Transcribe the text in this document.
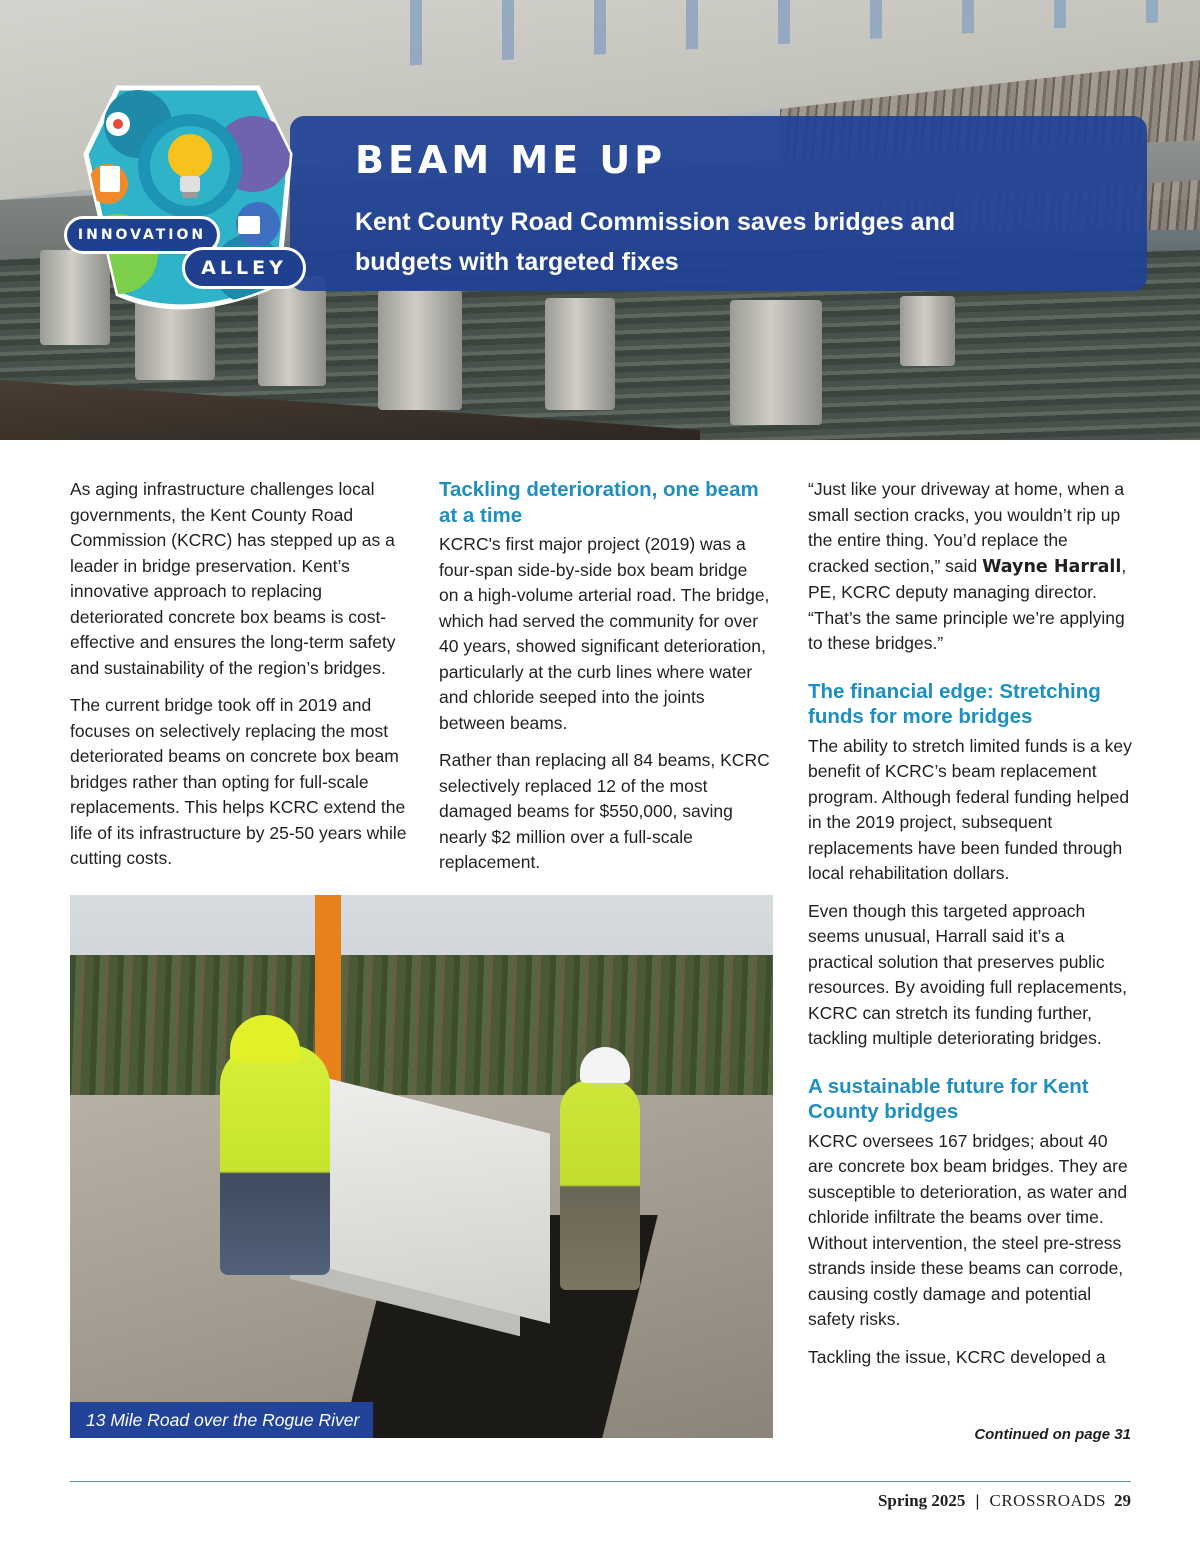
BEAM ME UP

Kent County Road Commission saves bridges and budgets with targeted fixes

INNOVATION
ALLEY

As aging infrastructure challenges local governments, the Kent County Road Commission (KCRC) has stepped up as a leader in bridge preservation. Kent’s innovative approach to replacing deteriorated concrete box beams is cost-effective and ensures the long-term safety and sustainability of the region’s bridges.

The current bridge took off in 2019 and focuses on selectively replacing the most deteriorated beams on concrete box beam bridges rather than opting for full-scale replacements. This helps KCRC extend the life of its infrastructure by 25-50 years while cutting costs.

Tackling deterioration, one beam at a time

KCRC's first major project (2019) was a four-span side-by-side box beam bridge on a high-volume arterial road. The bridge, which had served the community for over 40 years, showed significant deterioration, particularly at the curb lines where water and chloride seeped into the joints between beams.

Rather than replacing all 84 beams, KCRC selectively replaced 12 of the most damaged beams for $550,000, saving nearly $2 million over a full-scale replacement.

“Just like your driveway at home, when a small section cracks, you wouldn’t rip up the entire thing. You’d replace the cracked section,” said Wayne Harrall, PE, KCRC deputy managing director. “That’s the same principle we’re applying to these bridges.”

The financial edge: Stretching funds for more bridges

The ability to stretch limited funds is a key benefit of KCRC’s beam replacement program. Although federal funding helped in the 2019 project, subsequent replacements have been funded through local rehabilitation dollars.

Even though this targeted approach seems unusual, Harrall said it’s a practical solution that preserves public resources. By avoiding full replacements, KCRC can stretch its funding further, tackling multiple deteriorating bridges.

A sustainable future for Kent County bridges

KCRC oversees 167 bridges; about 40 are concrete box beam bridges. They are susceptible to deterioration, as water and chloride infiltrate the beams over time. Without intervention, the steel pre-stress strands inside these beams can corrode, causing costly damage and potential safety risks.

Tackling the issue, KCRC developed a

Continued on page 31
13 Mile Road over the Rogue River
Spring 2025 | CROSSROADS 29
